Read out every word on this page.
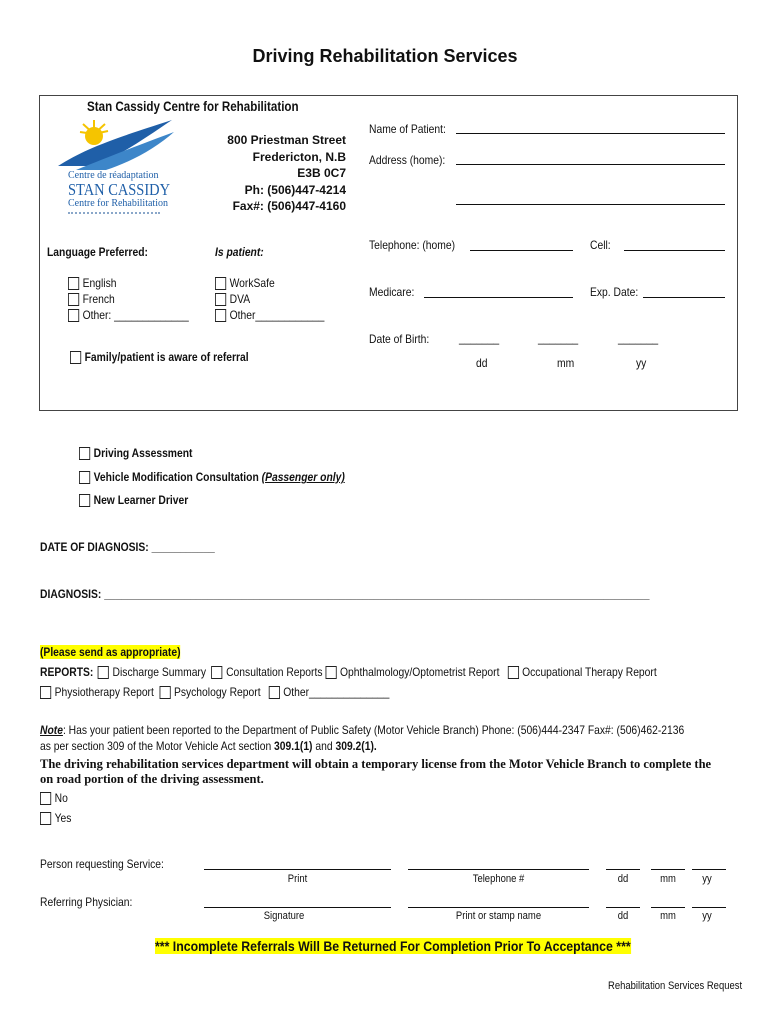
Driving Rehabilitation Services
Stan Cassidy Centre for Rehabilitation
Centre de réadaptation
STAN CASSIDY
Centre for Rehabilitation
800 Priestman Street
Fredericton, N.B
E3B 0C7
Ph: (506)447-4214
Fax#: (506)447-4160
Name of Patient:
Address (home):
Telephone: (home)	Cell:
Medicare:	Exp. Date:
Date of Birth: _______	_______	_______
dd	mm	yy
Language Preferred:	Is patient:
English
French
Other: _____________
WorkSafe
DVA
Other____________
Family/patient is aware of referral
Driving Assessment
Vehicle Modification Consultation (Passenger only)
New Learner Driver
DATE OF DIAGNOSIS: ___________
DIAGNOSIS: _______________________________________________________________________________________________
(Please send as appropriate)
REPORTS: Discharge Summary Consultation Reports Ophthalmology/Optometrist Report Occupational Therapy Report
Physiotherapy Report Psychology Report Other______________
Note: Has your patient been reported to the Department of Public Safety (Motor Vehicle Branch) Phone: (506)444-2347 Fax#: (506)462-2136
as per section 309 of the Motor Vehicle Act section 309.1(1) and 309.2(1).
The driving rehabilitation services department will obtain a temporary license from the Motor Vehicle Branch to complete the
on road portion of the driving assessment.
No
Yes
Person requesting Service:
Print	Telephone #	dd	mm	yy
Referring Physician:
Signature	Print or stamp name	dd	mm	yy
*** Incomplete Referrals Will Be Returned For Completion Prior To Acceptance ***
Rehabilitation Services Request
